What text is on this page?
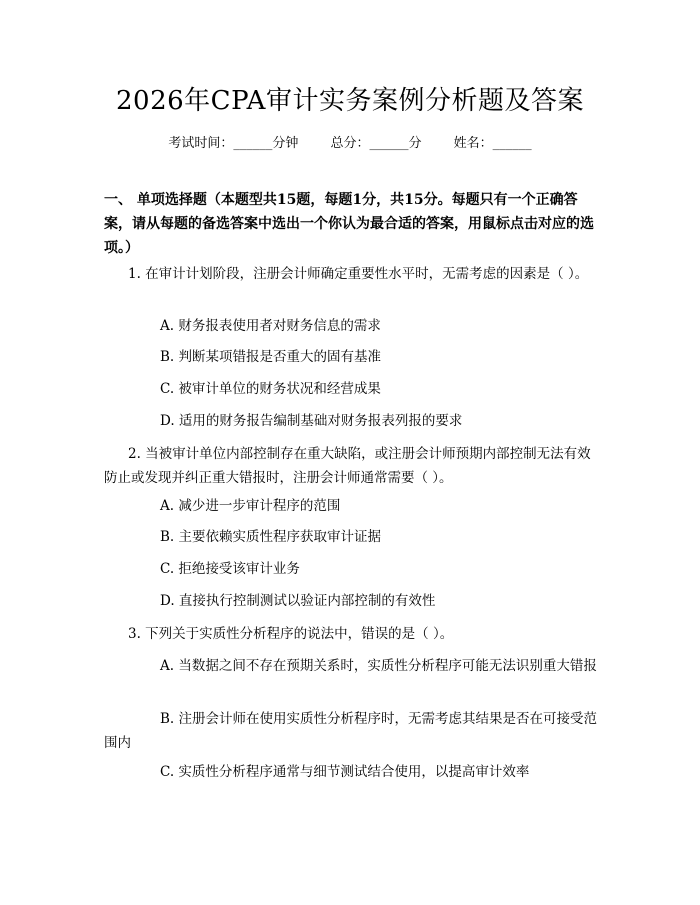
2026年CPA审计实务案例分析题及答案
考试时间：______分钟 总分：______分 姓名：______
一、 单项选择题（本题型共15题，每题1分，共15分。每题只有一个正确答案，请从每题的备选答案中选出一个你认为最合适的答案，用鼠标点击对应的选项。）
1. 在审计计划阶段，注册会计师确定重要性水平时，无需考虑的因素是（ ）。
A. 财务报表使用者对财务信息的需求
B. 判断某项错报是否重大的固有基准
C. 被审计单位的财务状况和经营成果
D. 适用的财务报告编制基础对财务报表列报的要求
2. 当被审计单位内部控制存在重大缺陷，或注册会计师预期内部控制无法有效防止或发现并纠正重大错报时，注册会计师通常需要（ ）。
A. 减少进一步审计程序的范围
B. 主要依赖实质性程序获取审计证据
C. 拒绝接受该审计业务
D. 直接执行控制测试以验证内部控制的有效性
3. 下列关于实质性分析程序的说法中，错误的是（ ）。
A. 当数据之间不存在预期关系时，实质性分析程序可能无法识别重大错报
B. 注册会计师在使用实质性分析程序时，无需考虑其结果是否在可接受范围内
C. 实质性分析程序通常与细节测试结合使用，以提高审计效率
